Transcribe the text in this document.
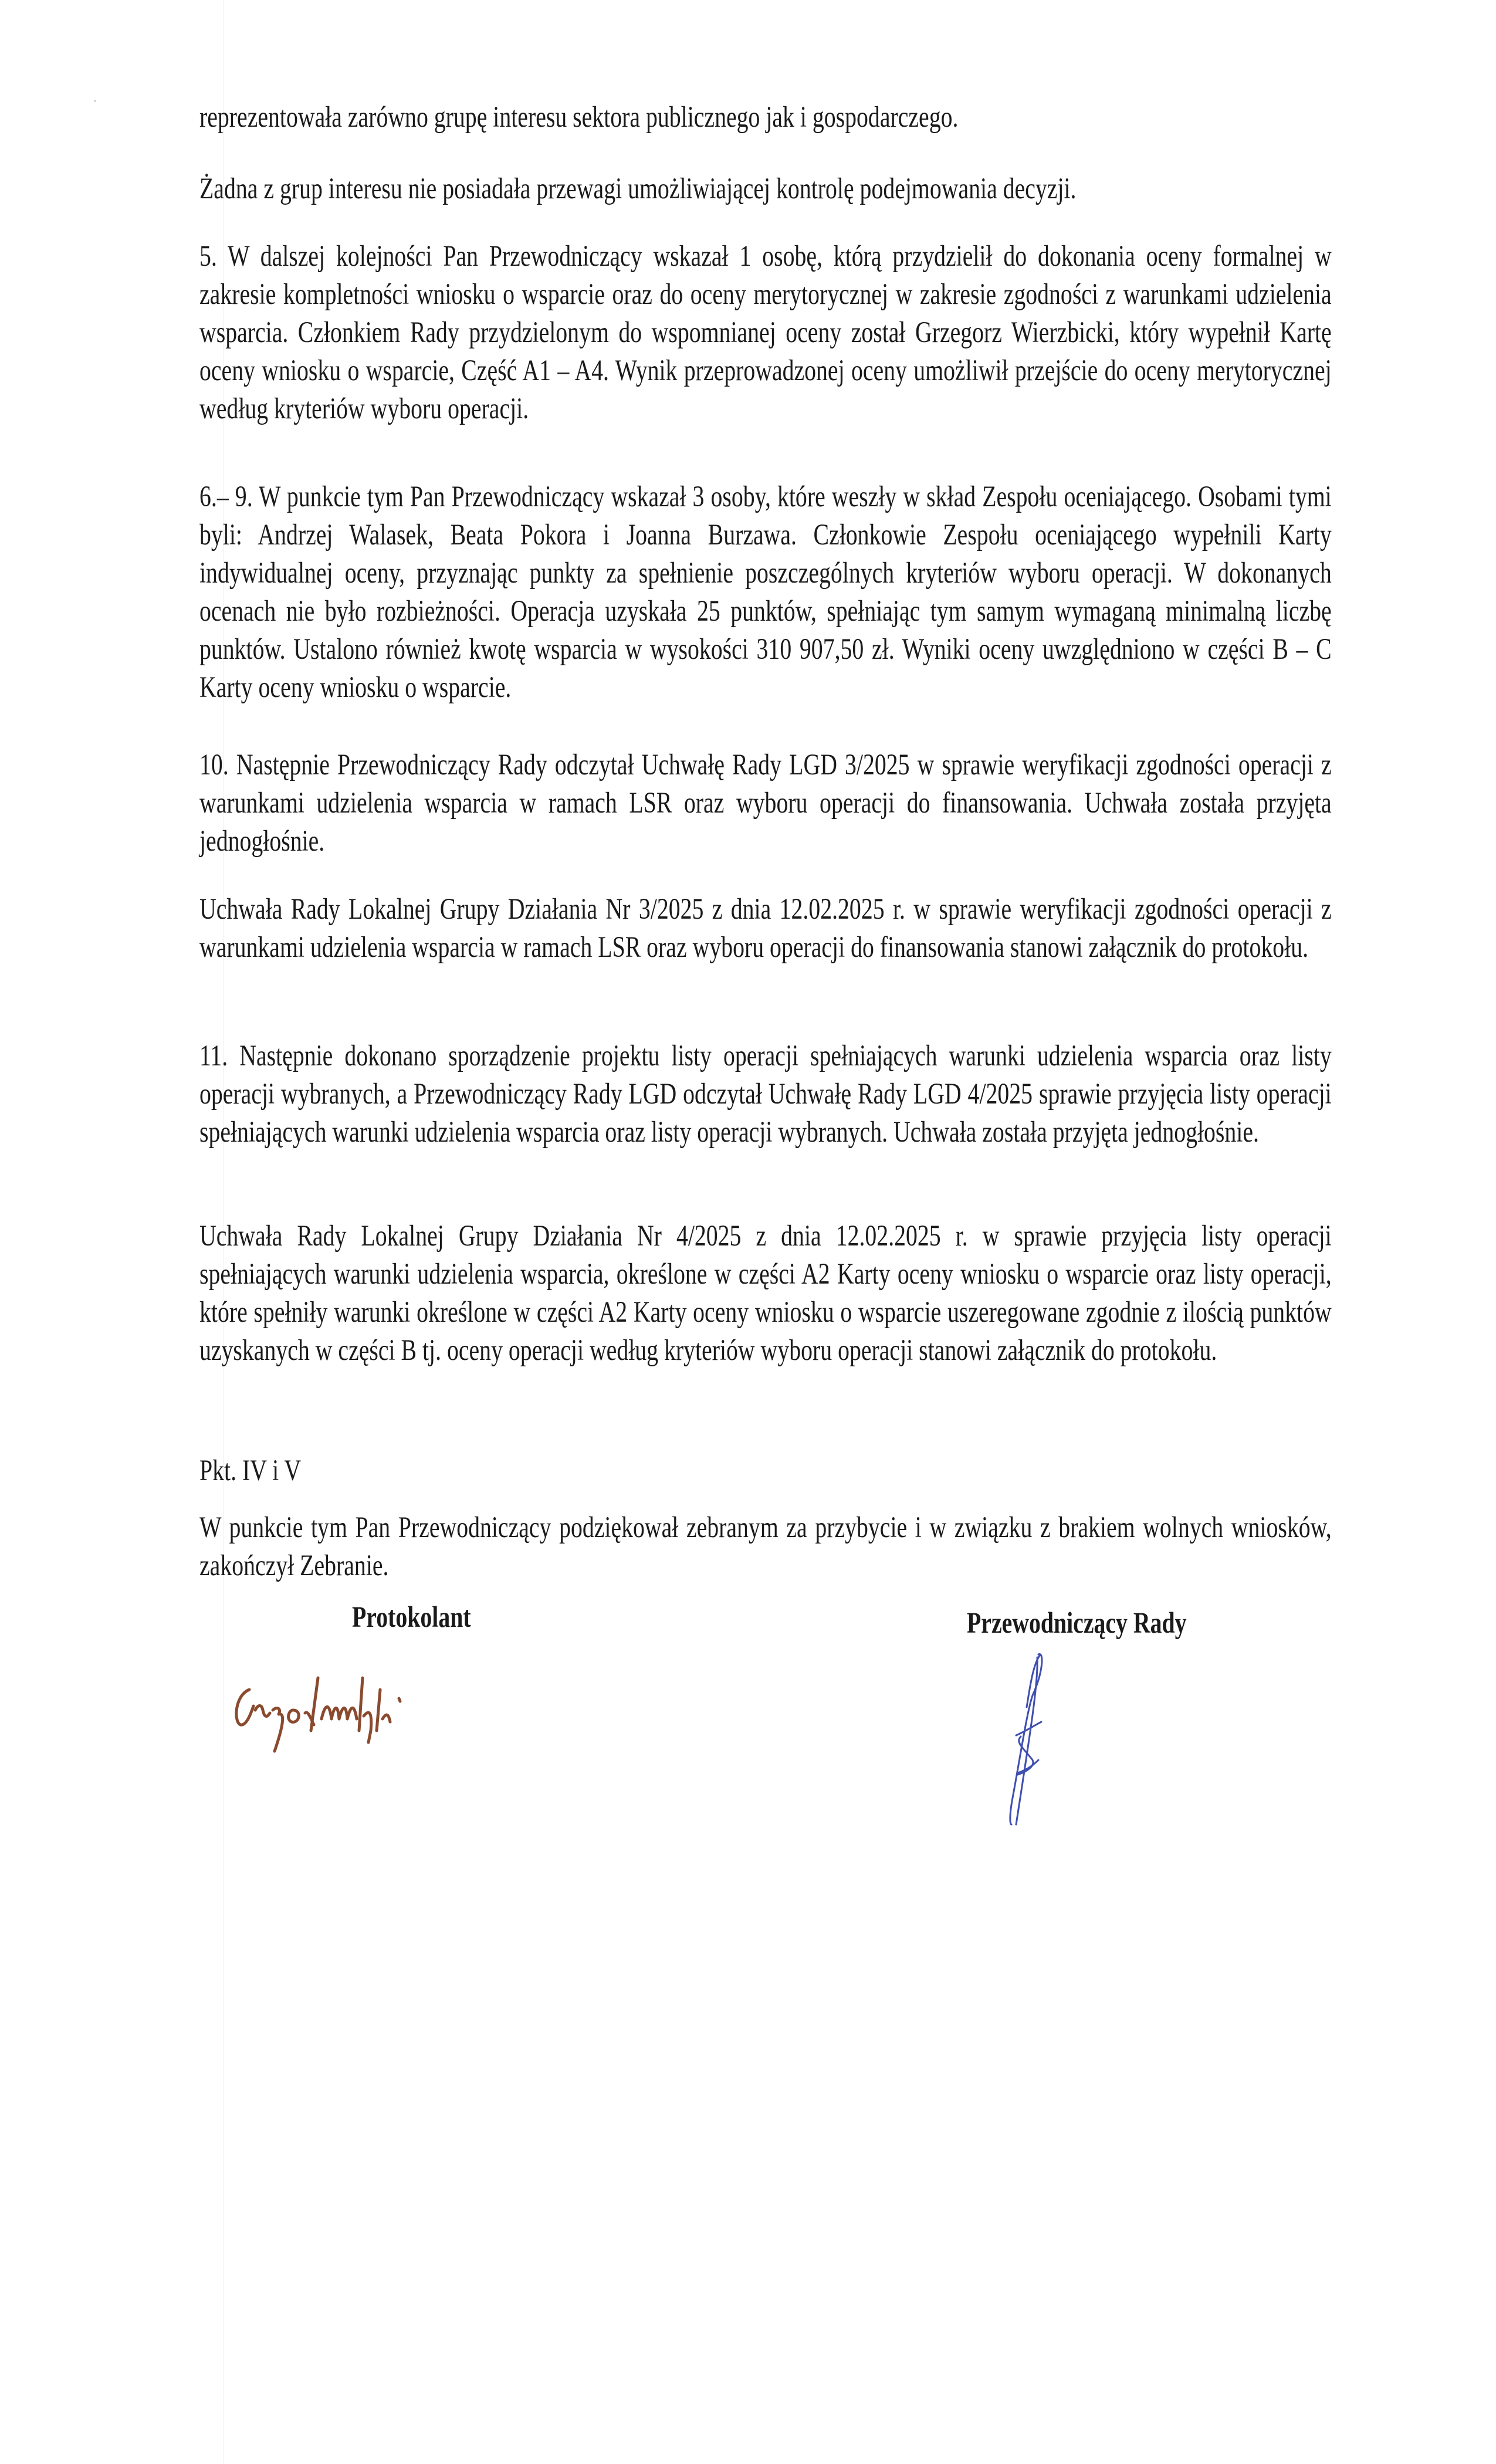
reprezentowała zarówno grupę interesu sektora publicznego jak i gospodarczego.
Żadna z grup interesu nie posiadała przewagi umożliwiającej kontrolę podejmowania decyzji.
5. W dalszej kolejności Pan Przewodniczący wskazał 1 osobę, którą przydzielił do dokonania oceny formalnej w zakresie kompletności wniosku o wsparcie oraz do oceny merytorycznej w zakresie zgodności z warunkami udzielenia wsparcia. Członkiem Rady przydzielonym do wspomnianej oceny został Grzegorz Wierzbicki, który wypełnił Kartę oceny wniosku o wsparcie, Część A1 – A4. Wynik przeprowadzonej oceny umożliwił przejście do oceny merytorycznej według kryteriów wyboru operacji.
6.– 9. W punkcie tym Pan Przewodniczący wskazał 3 osoby, które weszły w skład Zespołu oceniającego. Osobami tymi byli: Andrzej Walasek, Beata Pokora i Joanna Burzawa. Członkowie Zespołu oceniającego wypełnili Karty indywidualnej oceny, przyznając punkty za spełnienie poszczególnych kryteriów wyboru operacji. W dokonanych ocenach nie było rozbieżności. Operacja uzyskała 25 punktów, spełniając tym samym wymaganą minimalną liczbę punktów. Ustalono również kwotę wsparcia w wysokości 310 907,50 zł. Wyniki oceny uwzględniono w części B – C Karty oceny wniosku o wsparcie.
10. Następnie Przewodniczący Rady odczytał Uchwałę Rady LGD 3/2025 w sprawie weryfikacji zgodności operacji z warunkami udzielenia wsparcia w ramach LSR oraz wyboru operacji do finansowania. Uchwała została przyjęta jednogłośnie.
Uchwała Rady Lokalnej Grupy Działania Nr 3/2025 z dnia 12.02.2025 r. w sprawie weryfikacji zgodności operacji z warunkami udzielenia wsparcia w ramach LSR oraz wyboru operacji do finansowania stanowi załącznik do protokołu.
11. Następnie dokonano sporządzenie projektu listy operacji spełniających warunki udzielenia wsparcia oraz listy operacji wybranych, a Przewodniczący Rady LGD odczytał Uchwałę Rady LGD 4/2025 sprawie przyjęcia listy operacji spełniających warunki udzielenia wsparcia oraz listy operacji wybranych. Uchwała została przyjęta jednogłośnie.
Uchwała Rady Lokalnej Grupy Działania Nr 4/2025 z dnia 12.02.2025 r. w sprawie przyjęcia listy operacji spełniających warunki udzielenia wsparcia, określone w części A2 Karty oceny wniosku o wsparcie oraz listy operacji, które spełniły warunki określone w części A2 Karty oceny wniosku o wsparcie uszeregowane zgodnie z ilością punktów uzyskanych w części B tj. oceny operacji według kryteriów wyboru operacji stanowi załącznik do protokołu.
Pkt. IV i V
W punkcie tym Pan Przewodniczący podziękował zebranym za przybycie i w związku z brakiem wolnych wniosków, zakończył Zebranie.
Protokolant	Przewodniczący Rady
